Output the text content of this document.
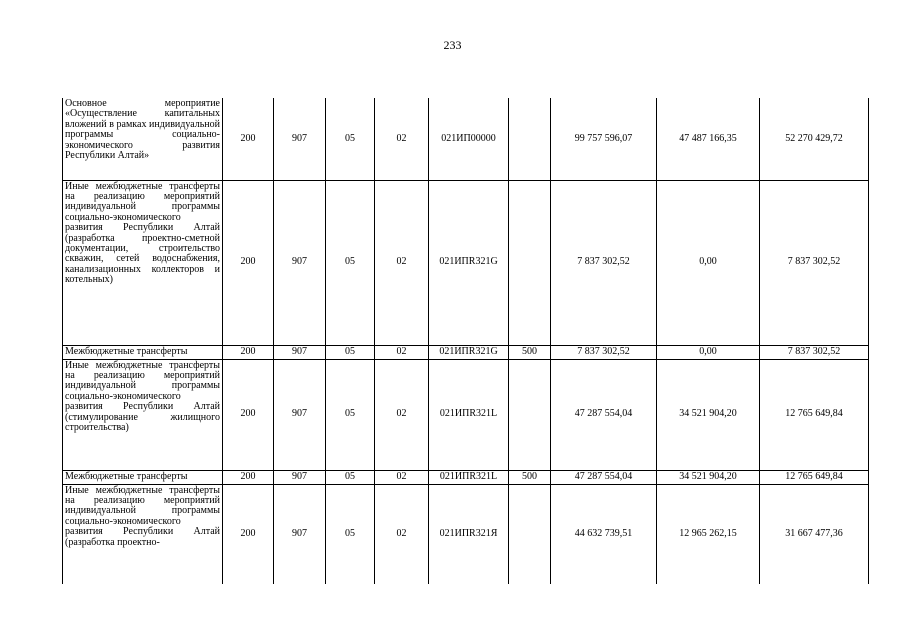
233
Основное мероприятие «Осуществление капитальных вложений в рамках индивидуальной программы социально-экономического развития Республики Алтай»	200	907	05	02	021ИП00000		99 757 596,07	47 487 166,35	52 270 429,72
Иные межбюджетные трансферты на реализацию мероприятий индивидуальной программы социально-экономического развития Республики Алтай (разработка проектно-сметной документации, строительство скважин, сетей водоснабжения, канализационных коллекторов и котельных)	200	907	05	02	021ИПR321G		7 837 302,52	0,00	7 837 302,52
Межбюджетные трансферты	200	907	05	02	021ИПR321G	500	7 837 302,52	0,00	7 837 302,52
Иные межбюджетные трансферты на реализацию мероприятий индивидуальной программы социально-экономического развития Республики Алтай (стимулирование жилищного строительства)	200	907	05	02	021ИПR321L		47 287 554,04	34 521 904,20	12 765 649,84
Межбюджетные трансферты	200	907	05	02	021ИПR321L	500	47 287 554,04	34 521 904,20	12 765 649,84
Иные межбюджетные трансферты на реализацию мероприятий индивидуальной программы социально-экономического развития Республики Алтай (разработка проектно-	200	907	05	02	021ИПR321Я		44 632 739,51	12 965 262,15	31 667 477,36
